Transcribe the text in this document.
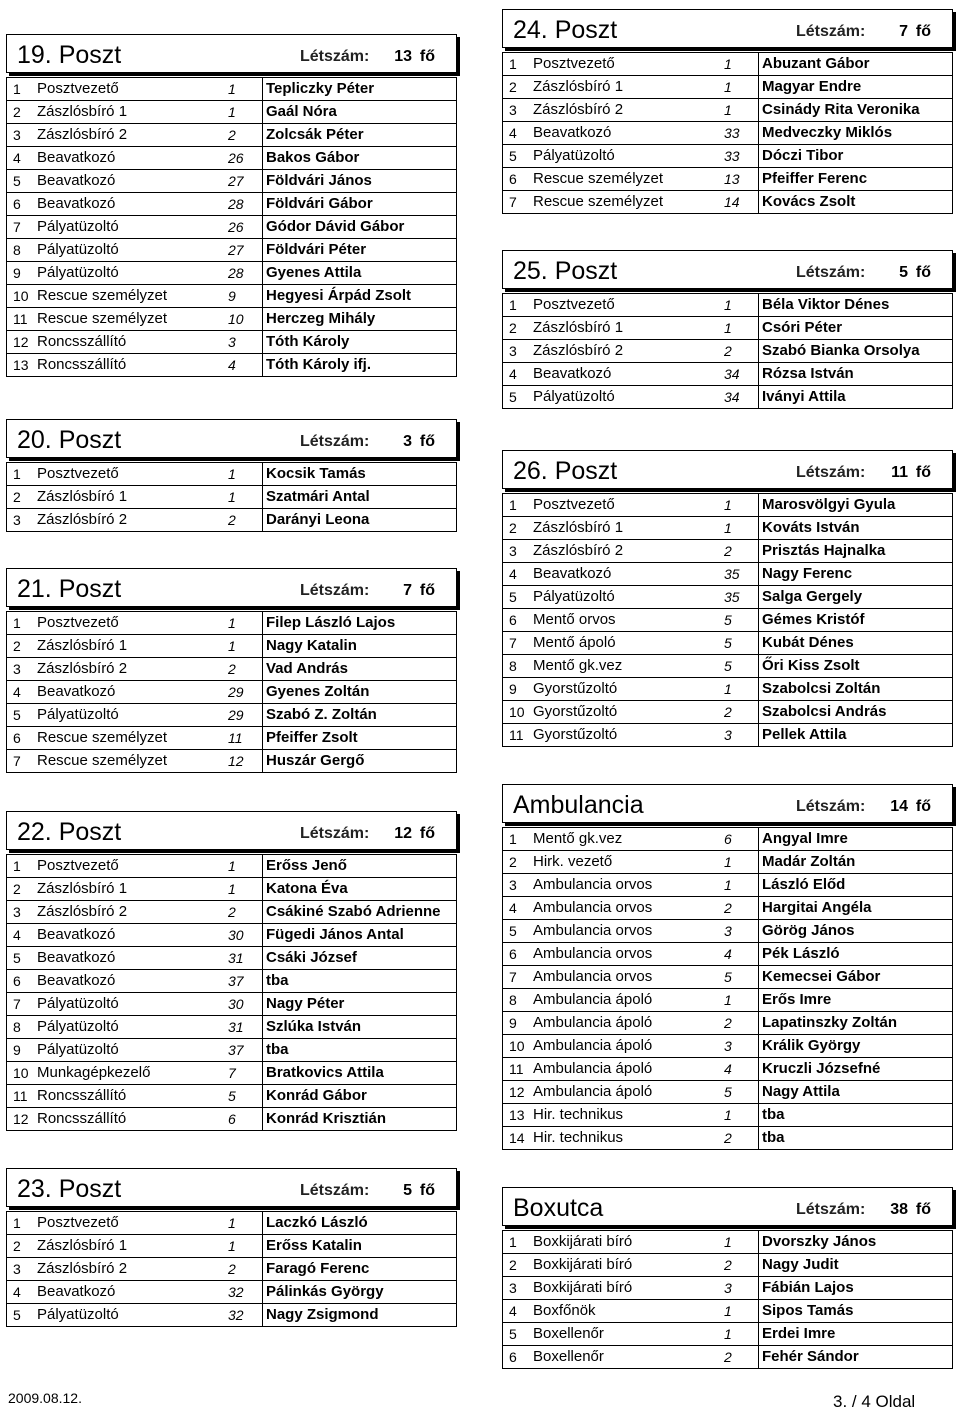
19. Poszt	Létszám: 13 fő
1	Posztvezető	1	Tepliczky Péter
2	Zászlósbíró 1	1	Gaál Nóra
3	Zászlósbíró 2	2	Zolcsák Péter
4	Beavatkozó	26	Bakos Gábor
5	Beavatkozó	27	Földvári János
6	Beavatkozó	28	Földvári Gábor
7	Pályatüzoltó	26	Gódor Dávid Gábor
8	Pályatüzoltó	27	Földvári Péter
9	Pályatüzoltó	28	Gyenes Attila
10 Rescue személyzet	9	Hegyesi Árpád Zsolt
11 Rescue személyzet	10	Herczeg Mihály
12 Roncsszállító	3	Tóth Károly
13 Roncsszállító	4	Tóth Károly ifj.
20. Poszt	Létszám: 3 fő
1	Posztvezető	1	Kocsik Tamás
2	Zászlósbíró 1	1	Szatmári Antal
3	Zászlósbíró 2	2	Darányi Leona
21. Poszt	Létszám: 7 fő
1	Posztvezető	1	Filep László Lajos
2	Zászlósbíró 1	1	Nagy Katalin
3	Zászlósbíró 2	2	Vad András
4	Beavatkozó	29	Gyenes Zoltán
5	Pályatüzoltó	29	Szabó Z. Zoltán
6	Rescue személyzet	11	Pfeiffer Zsolt
7	Rescue személyzet	12	Huszár Gergő
22. Poszt	Létszám: 12 fő
1	Posztvezető	1	Erőss Jenő
2	Zászlósbíró 1	1	Katona Éva
3	Zászlósbíró 2	2	Csákiné Szabó Adrienne
4	Beavatkozó	30	Fügedi János Antal
5	Beavatkozó	31	Csáki József
6	Beavatkozó	37	tba
7	Pályatüzoltó	30	Nagy Péter
8	Pályatüzoltó	31	Szlúka István
9	Pályatüzoltó	37	tba
10 Munkagépkezelő	7	Bratkovics Attila
11 Roncsszállító	5	Konrád Gábor
12 Roncsszállító	6	Konrád Krisztián
23. Poszt	Létszám: 5 fő
1	Posztvezető	1	Laczkó László
2	Zászlósbíró 1	1	Erőss Katalin
3	Zászlósbíró 2	2	Faragó Ferenc
4	Beavatkozó	32	Pálinkás György
5	Pályatüzoltó	32	Nagy Zsigmond
24. Poszt	Létszám: 7 fő
1	Posztvezető	1	Abuzant Gábor
2	Zászlósbíró 1	1	Magyar Endre
3	Zászlósbíró 2	1	Csinády Rita Veronika
4	Beavatkozó	33	Medveczky Miklós
5	Pályatüzoltó	33	Dóczi Tibor
6	Rescue személyzet	13	Pfeiffer Ferenc
7	Rescue személyzet	14	Kovács Zsolt
25. Poszt	Létszám: 5 fő
1	Posztvezető	1	Béla Viktor Dénes
2	Zászlósbíró 1	1	Csóri Péter
3	Zászlósbíró 2	2	Szabó Bianka Orsolya
4	Beavatkozó	34	Rózsa István
5	Pályatüzoltó	34	Iványi Attila
26. Poszt	Létszám: 11 fő
1	Posztvezető	1	Marosvölgyi Gyula
2	Zászlósbíró 1	1	Kováts István
3	Zászlósbíró 2	2	Prisztás Hajnalka
4	Beavatkozó	35	Nagy Ferenc
5	Pályatüzoltó	35	Salga Gergely
6	Mentő orvos	5	Gémes Kristóf
7	Mentő ápoló	5	Kubát Dénes
8	Mentő gk.vez	5	Őri Kiss Zsolt
9	Gyorstűzoltó	1	Szabolcsi Zoltán
10 Gyorstűzoltó	2	Szabolcsi András
11 Gyorstűzoltó	3	Pellek Attila
Ambulancia	Létszám: 14 fő
1	Mentő gk.vez	6	Angyal Imre
2	Hirk. vezető	1	Madár Zoltán
3	Ambulancia orvos	1	László Előd
4	Ambulancia orvos	2	Hargitai Angéla
5	Ambulancia orvos	3	Görög János
6	Ambulancia orvos	4	Pék László
7	Ambulancia orvos	5	Kemecsei Gábor
8	Ambulancia ápoló	1	Erős Imre
9	Ambulancia ápoló	2	Lapatinszky Zoltán
10 Ambulancia ápoló	3	Králik György
11 Ambulancia ápoló	4	Kruczli Józsefné
12 Ambulancia ápoló	5	Nagy Attila
13 Hir. technikus	1	tba
14 Hir. technikus	2	tba
Boxutca	Létszám: 38 fő
1	Boxkijárati bíró	1	Dvorszky János
2	Boxkijárati bíró	2	Nagy Judit
3	Boxkijárati bíró	3	Fábián Lajos
4	Boxfőnök	1	Sipos Tamás
5	Boxellenőr	1	Erdei Imre
6	Boxellenőr	2	Fehér Sándor
2009.08.12.	3. / 4 Oldal
